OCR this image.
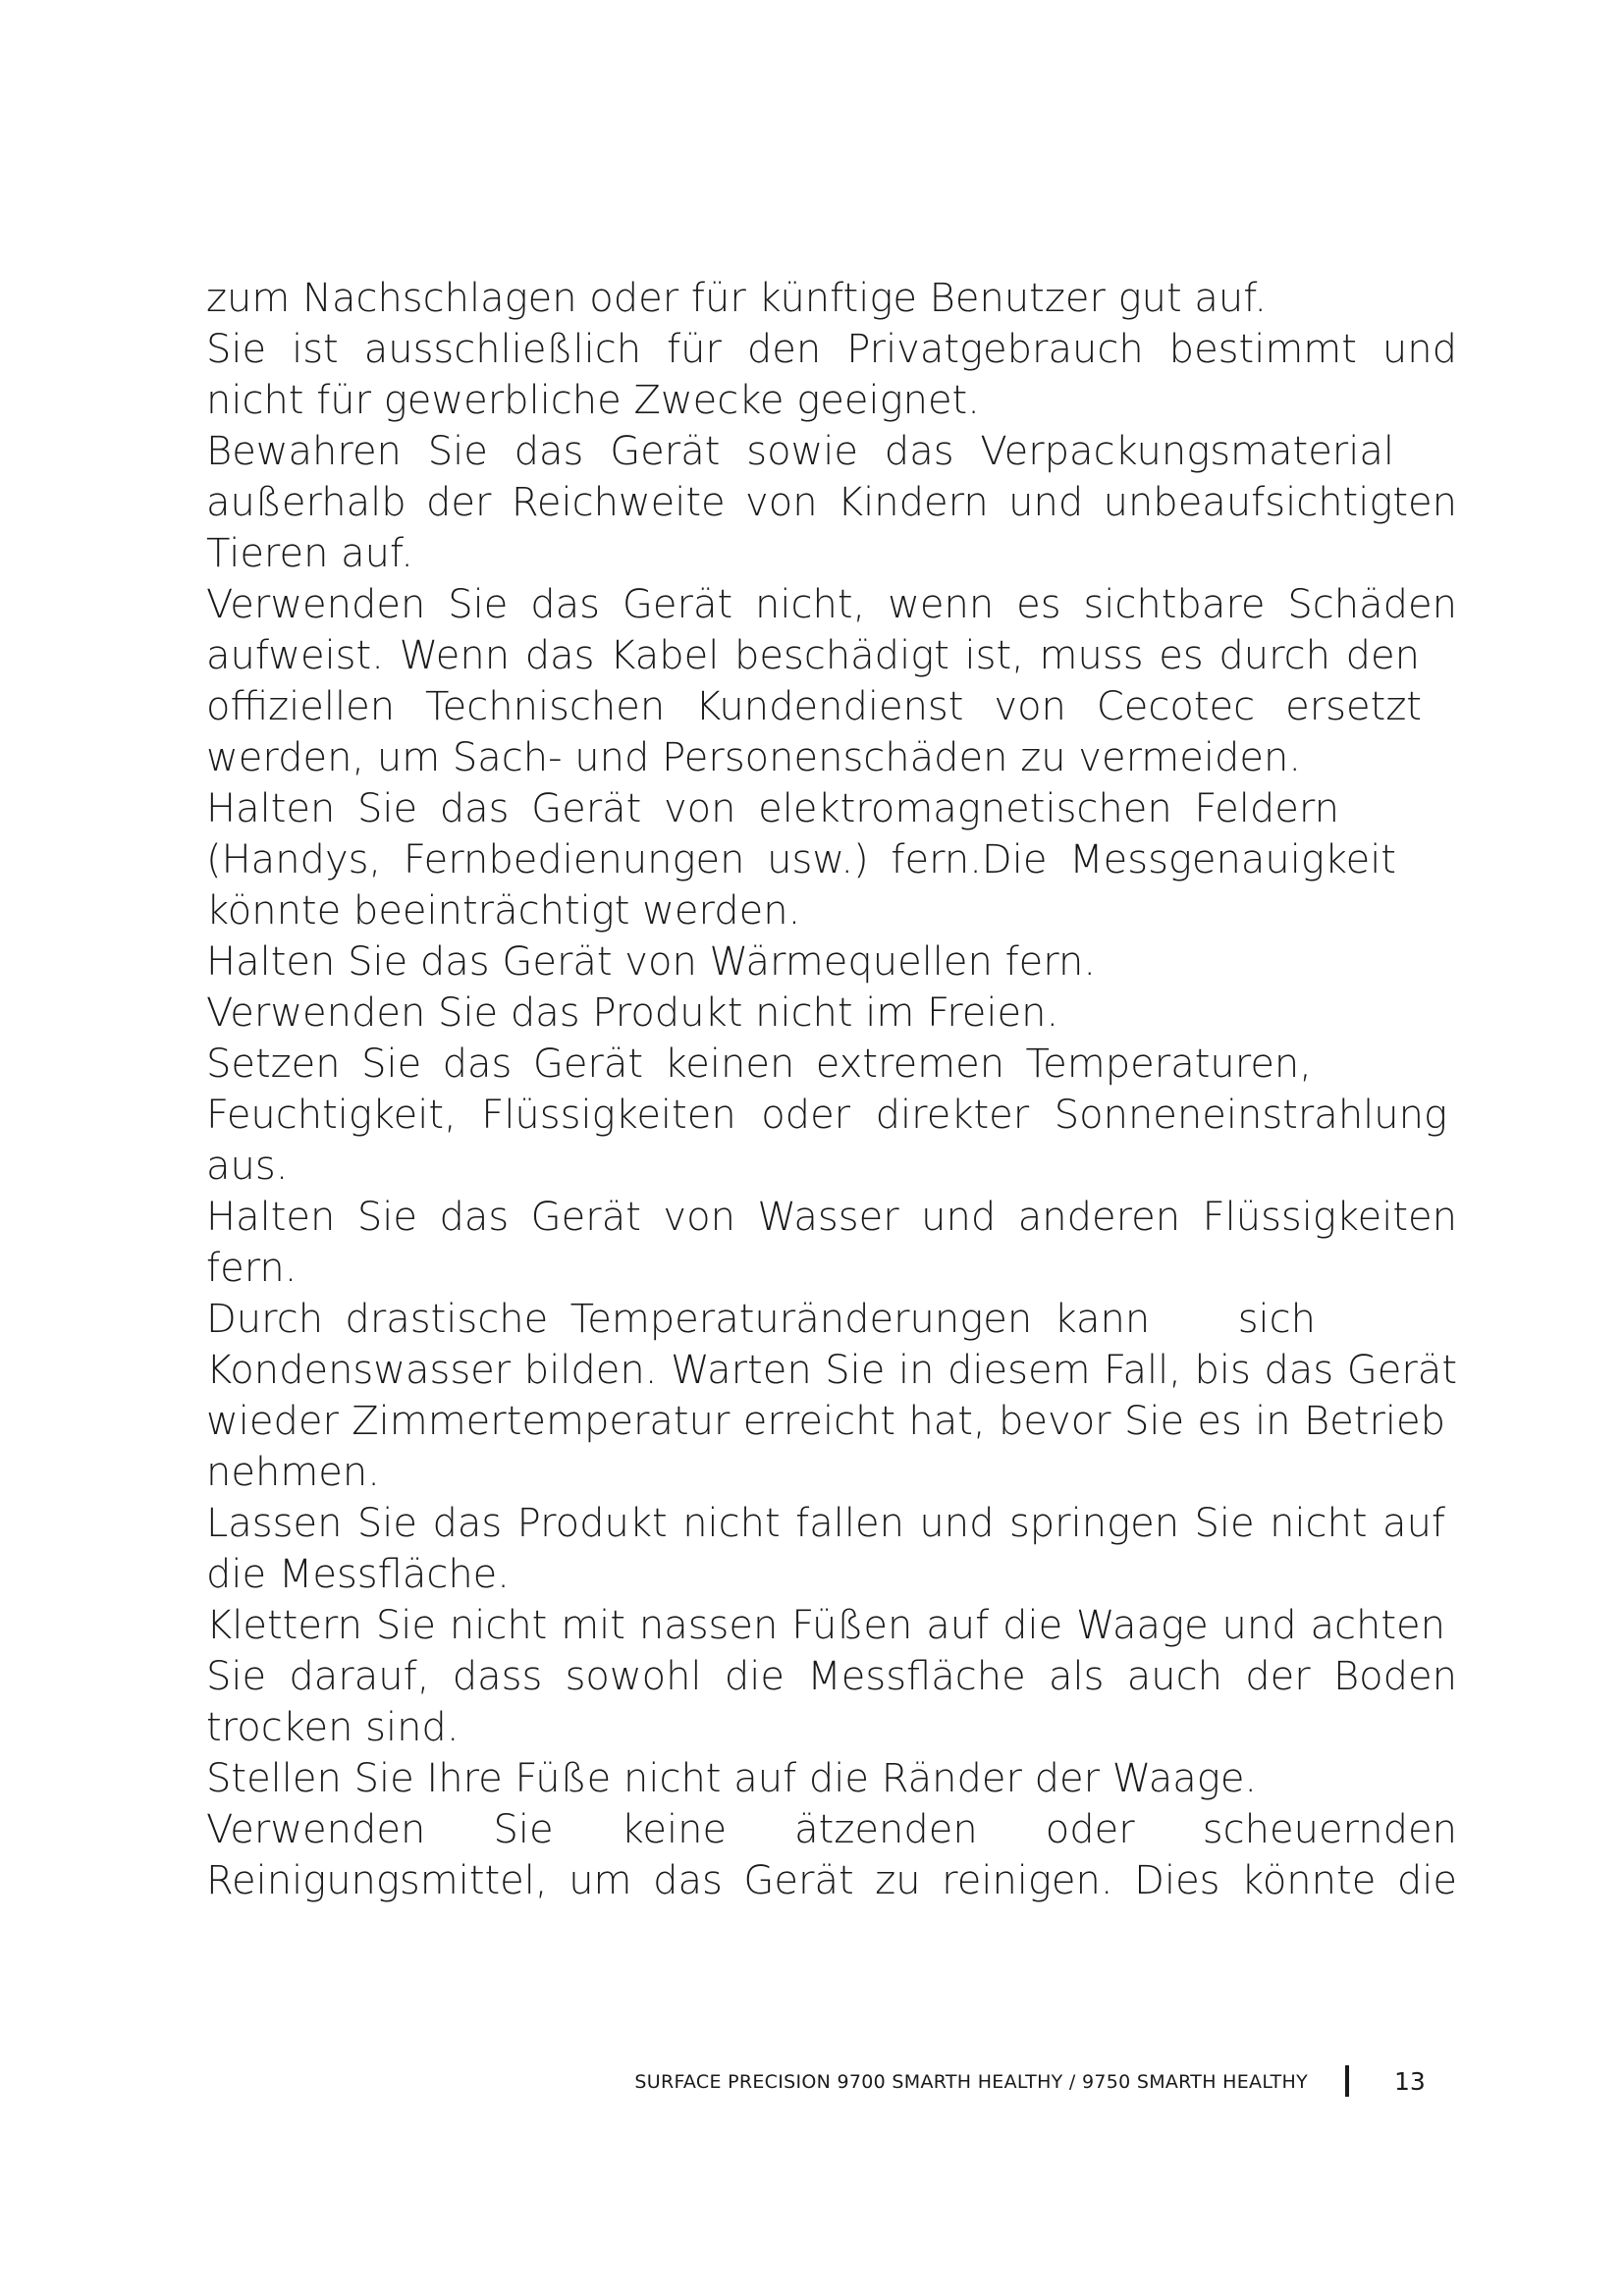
zum Nachschlagen oder für künftige Benutzer gut auf.
Sie ist ausschließlich für den Privatgebrauch bestimmt und
nicht für gewerbliche Zwecke geeignet.
Bewahren Sie das Gerät sowie das Verpackungsmaterial
außerhalb der Reichweite von Kindern und unbeaufsichtigten
Tieren auf.
Verwenden Sie das Gerät nicht, wenn es sichtbare Schäden
aufweist. Wenn das Kabel beschädigt ist, muss es durch den
offiziellen Technischen Kundendienst von Cecotec ersetzt
werden, um Sach- und Personenschäden zu vermeiden.
Halten Sie das Gerät von elektromagnetischen Feldern
(Handys, Fernbedienungen usw.) fern.Die Messgenauigkeit
könnte beeinträchtigt werden.
Halten Sie das Gerät von Wärmequellen fern.
Verwenden Sie das Produkt nicht im Freien.
Setzen Sie das Gerät keinen extremen Temperaturen,
Feuchtigkeit, Flüssigkeiten oder direkter Sonneneinstrahlung
aus.
Halten Sie das Gerät von Wasser und anderen Flüssigkeiten
fern.
Durch drastische Temperaturänderungen kann    sich
Kondenswasser bilden. Warten Sie in diesem Fall, bis das Gerät
wieder Zimmertemperatur erreicht hat, bevor Sie es in Betrieb
nehmen.
Lassen Sie das Produkt nicht fallen und springen Sie nicht auf
die Messfläche.
Klettern Sie nicht mit nassen Füßen auf die Waage und achten
Sie darauf, dass sowohl die Messfläche als auch der Boden
trocken sind.
Stellen Sie Ihre Füße nicht auf die Ränder der Waage.
Verwenden Sie keine ätzenden oder scheuernden
Reinigungsmittel, um das Gerät zu reinigen. Dies könnte die
SURFACE PRECISION 9700 SMARTH HEALTHY / 9750 SMARTH HEALTHY	13
